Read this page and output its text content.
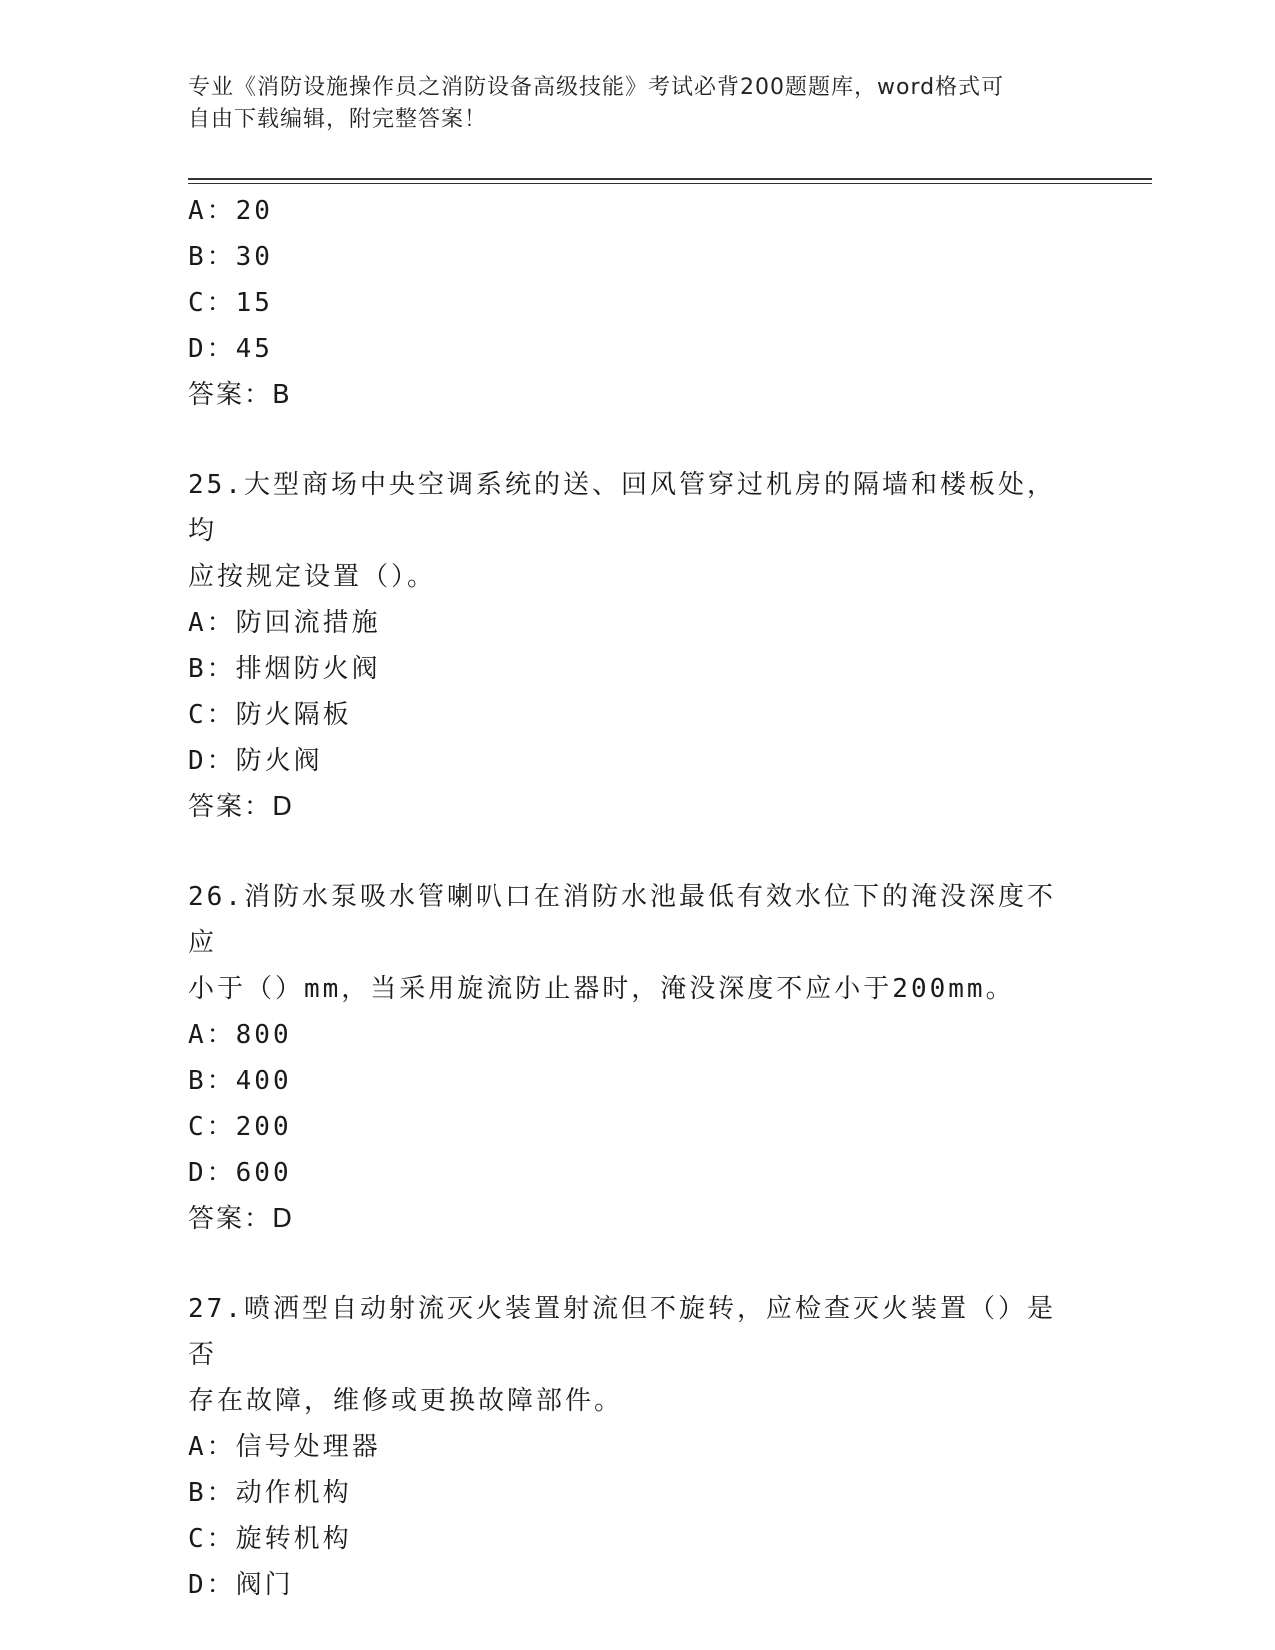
专业《消防设施操作员之消防设备高级技能》考试必背200题题库，word格式可
自由下载编辑，附完整答案！
A：20
B：30
C：15
D：45
答案：B
25.大型商场中央空调系统的送、回风管穿过机房的隔墙和楼板处，均
应按规定设置（）。
A：防回流措施
B：排烟防火阀
C：防火隔板
D：防火阀
答案：D
26.消防水泵吸水管喇叭口在消防水池最低有效水位下的淹没深度不应
小于（）mm，当采用旋流防止器时，淹没深度不应小于200mm。
A：800
B：400
C：200
D：600
答案：D
27.喷洒型自动射流灭火装置射流但不旋转，应检查灭火装置（）是否
存在故障，维修或更换故障部件。
A：信号处理器
B：动作机构
C：旋转机构
D：阀门
